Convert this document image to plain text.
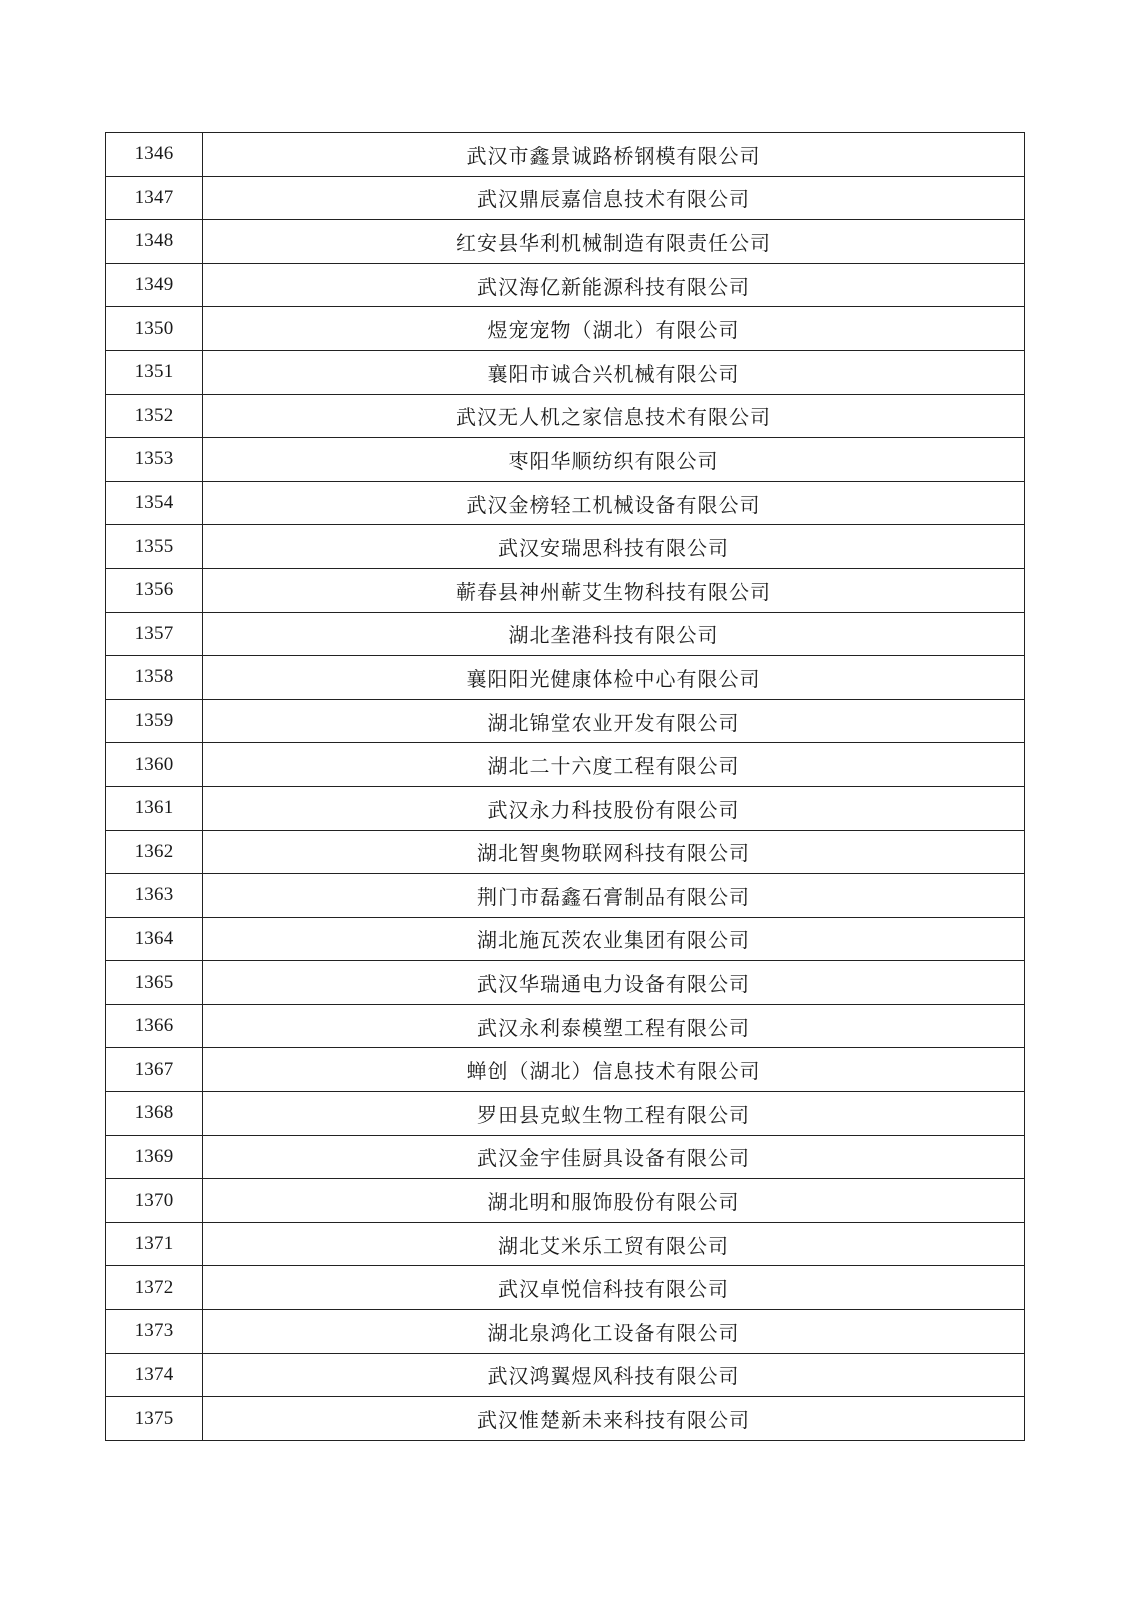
1346	武汉市鑫景诚路桥钢模有限公司
1347	武汉鼎辰嘉信息技术有限公司
1348	红安县华利机械制造有限责任公司
1349	武汉海亿新能源科技有限公司
1350	煜宠宠物（湖北）有限公司
1351	襄阳市诚合兴机械有限公司
1352	武汉无人机之家信息技术有限公司
1353	枣阳华顺纺织有限公司
1354	武汉金榜轻工机械设备有限公司
1355	武汉安瑞思科技有限公司
1356	蕲春县神州蕲艾生物科技有限公司
1357	湖北垄港科技有限公司
1358	襄阳阳光健康体检中心有限公司
1359	湖北锦堂农业开发有限公司
1360	湖北二十六度工程有限公司
1361	武汉永力科技股份有限公司
1362	湖北智奥物联网科技有限公司
1363	荆门市磊鑫石膏制品有限公司
1364	湖北施瓦茨农业集团有限公司
1365	武汉华瑞通电力设备有限公司
1366	武汉永利泰模塑工程有限公司
1367	蝉创（湖北）信息技术有限公司
1368	罗田县克蚁生物工程有限公司
1369	武汉金宇佳厨具设备有限公司
1370	湖北明和服饰股份有限公司
1371	湖北艾米乐工贸有限公司
1372	武汉卓悦信科技有限公司
1373	湖北泉鸿化工设备有限公司
1374	武汉鸿翼煜风科技有限公司
1375	武汉惟楚新未来科技有限公司
